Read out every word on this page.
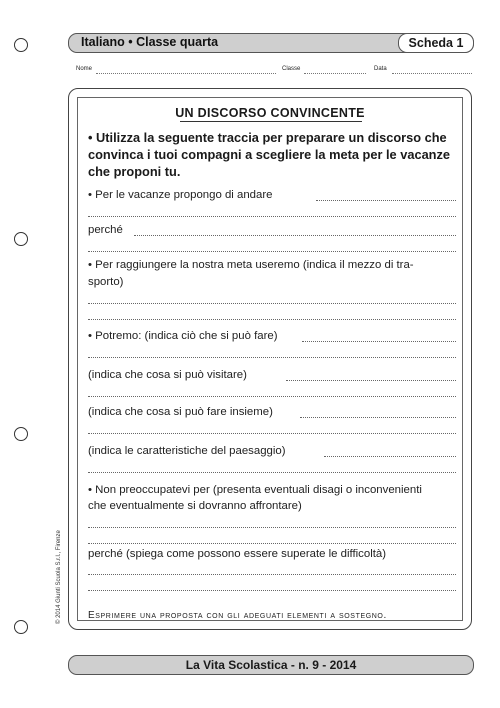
Italiano • Classe quarta	Scheda 1
Nome	Classe	Data
UN DISCORSO CONVINCENTE
• Utilizza la seguente traccia per preparare un discorso che convinca i tuoi compagni a scegliere la meta per le vacanze che proponi tu.
• Per le vacanze propongo di andare
perché
• Per raggiungere la nostra meta useremo (indica il mezzo di tra-
sporto)
• Potremo: (indica ciò che si può fare)
(indica che cosa si può visitare)
(indica che cosa si può fare insieme)
(indica le caratteristiche del paesaggio)
• Non preoccupatevi per (presenta eventuali disagi o inconvenienti
che eventualmente si dovranno affrontare)
perché (spiega come possono essere superate le difficoltà)
Esprimere una proposta con gli adeguati elementi a sostegno.
© 2014 Giunti Scuola S.r.l., Firenze
La Vita Scolastica - n. 9 - 2014
